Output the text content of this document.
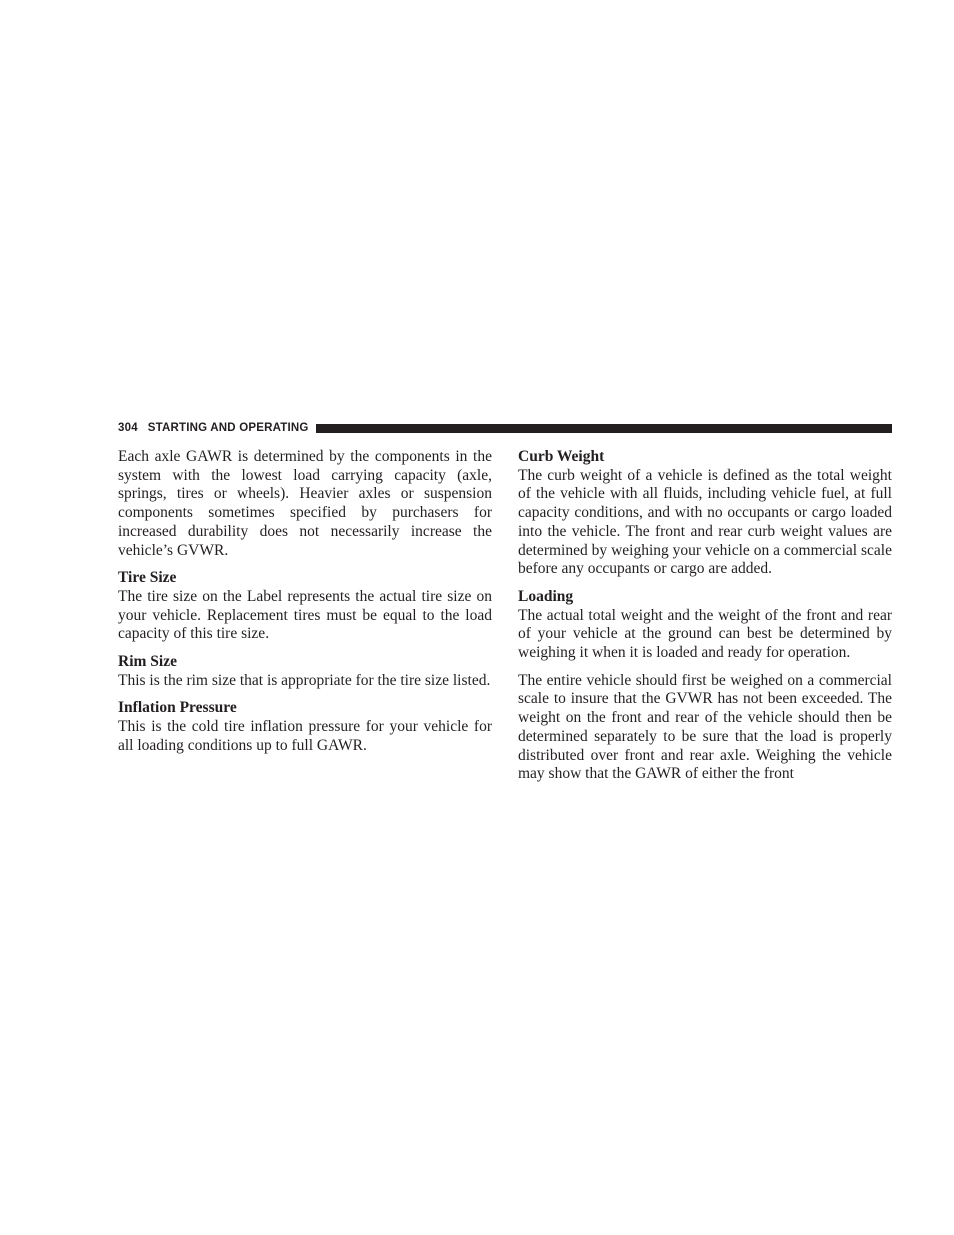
304 STARTING AND OPERATING

Each axle GAWR is determined by the components in the system with the lowest load carrying capacity (axle, springs, tires or wheels). Heavier axles or suspension components sometimes specified by purchasers for increased durability does not necessarily increase the vehicle’s GVWR.

Tire Size

The tire size on the Label represents the actual tire size on your vehicle. Replacement tires must be equal to the load capacity of this tire size.

Rim Size

This is the rim size that is appropriate for the tire size listed.

Inflation Pressure

This is the cold tire inflation pressure for your vehicle for all loading conditions up to full GAWR.

Curb Weight

The curb weight of a vehicle is defined as the total weight of the vehicle with all fluids, including vehicle fuel, at full capacity conditions, and with no occupants or cargo loaded into the vehicle. The front and rear curb weight values are determined by weighing your vehicle on a commercial scale before any occupants or cargo are added.

Loading

The actual total weight and the weight of the front and rear of your vehicle at the ground can best be determined by weighing it when it is loaded and ready for operation.

The entire vehicle should first be weighed on a commercial scale to insure that the GVWR has not been exceeded. The weight on the front and rear of the vehicle should then be determined separately to be sure that the load is properly distributed over front and rear axle. Weighing the vehicle may show that the GAWR of either the front
